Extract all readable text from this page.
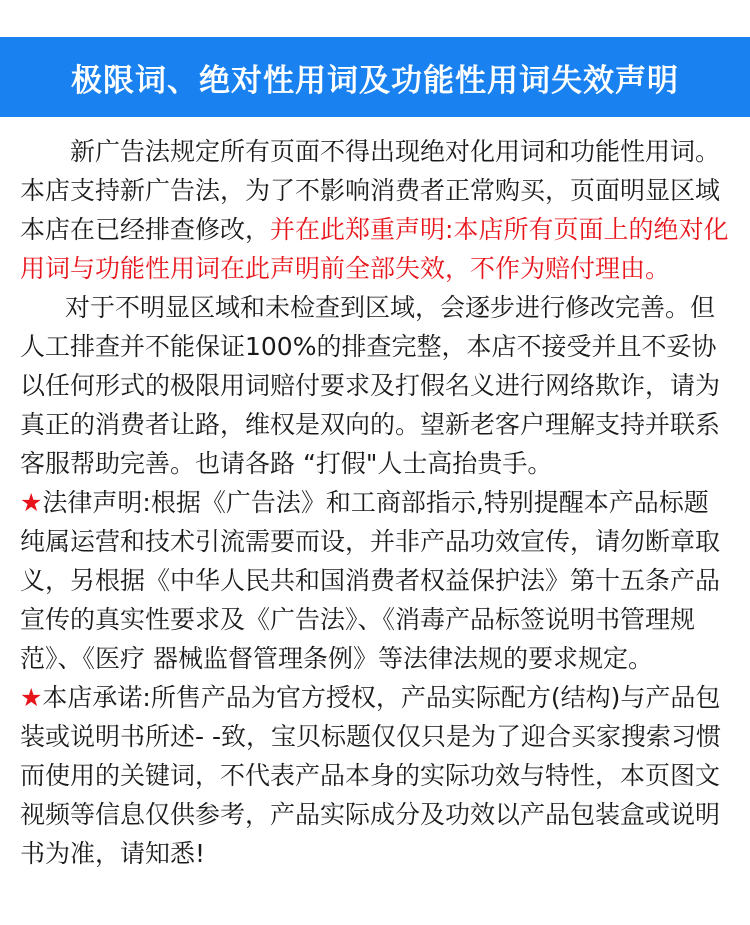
极限词、绝对性用词及功能性用词失效声明
新广告法规定所有页面不得出现绝对化用词和功能性用词。
本店支持新广告法，为了不影响消费者正常购买，页面明显区域
本店在已经排查修改，并在此郑重声明:本店所有页面上的绝对化
用词与功能性用词在此声明前全部失效，不作为赔付理由。
对于不明显区域和未检查到区域，会逐步进行修改完善。但
人工排查并不能保证100%的排查完整，本店不接受并且不妥协
以任何形式的极限用词赔付要求及打假名义进行网络欺诈，请为
真正的消费者让路，维权是双向的。望新老客户理解支持并联系
客服帮助完善。也请各路 “打假"人士高抬贵手。
★法律声明:根据《广告法》和工商部指示,特别提醒本产品标题
纯属运营和技术引流需要而设，并非产品功效宣传，请勿断章取
义，另根据《中华人民共和国消费者权益保护法》第十五条产品
宣传的真实性要求及《广告法》、《消毒产品标签说明书管理规
范》、《医疗 器械监督管理条例》等法律法规的要求规定。
★本店承诺:所售产品为官方授权，产品实际配方(结构)与产品包
装或说明书所述- -致，宝贝标题仅仅只是为了迎合买家搜索习惯
而使用的关键词，不代表产品本身的实际功效与特性，本页图文
视频等信息仅供参考，产品实际成分及功效以产品包装盒或说明
书为准，请知悉!
